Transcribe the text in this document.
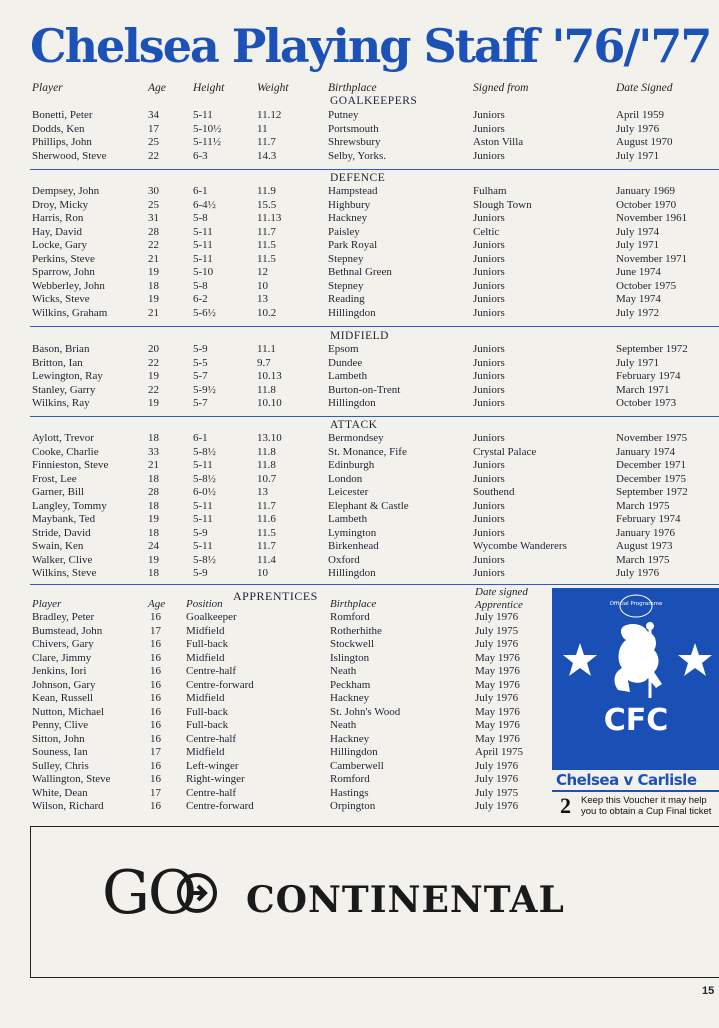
Chelsea Playing Staff '76/'77
Player	Age Height	Weight	Birthplace	Signed from	Date Signed
GOALKEEPERS
Bonetti, Peter	34	5-11	11.12	Putney	Juniors	April 1959
Dodds, Ken	17	5-10½	11	Portsmouth	Juniors	July 1976
Phillips, John	25	5-11½	11.7	Shrewsbury	Aston Villa	August 1970
Sherwood, Steve	22	6-3	14.3	Selby, Yorks.	Juniors	July 1971
DEFENCE
Dempsey, John	30	6-1	11.9	Hampstead	Fulham	January 1969
Droy, Micky	25	6-4½	15.5	Highbury	Slough Town	October 1970
Harris, Ron	31	5-8	11.13	Hackney	Juniors	November 1961
Hay, David	28	5-11	11.7	Paisley	Celtic	July 1974
Locke, Gary	22	5-11	11.5	Park Royal	Juniors	July 1971
Perkins, Steve	21	5-11	11.5	Stepney	Juniors	November 1971
Sparrow, John	19	5-10	12	Bethnal Green	Juniors	June 1974
Webberley, John	18	5-8	10	Stepney	Juniors	October 1975
Wicks, Steve	19	6-2	13	Reading	Juniors	May 1974
Wilkins, Graham	21	5-6½	10.2	Hillingdon	Juniors	July 1972
MIDFIELD
Bason, Brian	20	5-9	11.1	Epsom	Juniors	September 1972
Britton, Ian	22	5-5	9.7	Dundee	Juniors	July 1971
Lewington, Ray	19	5-7	10.13	Lambeth	Juniors	February 1974
Stanley, Garry	22	5-9½	11.8	Burton-on-Trent	Juniors	March 1971
Wilkins, Ray	19	5-7	10.10	Hillingdon	Juniors	October 1973
ATTACK
Aylott, Trevor	18	6-1	13.10	Bermondsey	Juniors	November 1975
Cooke, Charlie	33	5-8½	11.8	St. Monance, Fife	Crystal Palace	January 1974
Finnieston, Steve	21	5-11	11.8	Edinburgh	Juniors	December 1971
Frost, Lee	18	5-8½	10.7	London	Juniors	December 1975
Garner, Bill	28	6-0½	13	Leicester	Southend	September 1972
Langley, Tommy	18	5-11	11.7	Elephant & Castle	Juniors	March 1975
Maybank, Ted	19	5-11	11.6	Lambeth	Juniors	February 1974
Stride, David	18	5-9	11.5	Lymington	Juniors	January 1976
Swain, Ken	24	5-11	11.7	Birkenhead	Wycombe Wanderers	August 1973
Walker, Clive	19	5-8½	11.4	Oxford	Juniors	March 1975
Wilkins, Steve	18	5-9	10	Hillingdon	Juniors	July 1976
APPRENTICES
Player	Age Position	Birthplace
Date signed
Apprentice
Bradley, Peter	16 Goalkeeper	Romford	July 1976
Bumstead, John	17 Midfield	Rotherhithe	July 1975
Chivers, Gary	16 Full-back	Stockwell	July 1976
Clare, Jimmy	16 Midfield	Islington	May 1976
Jenkins, Iori	16 Centre-half	Neath	May 1976
Johnson, Gary	16 Centre-forward	Peckham	May 1976
Kean, Russell	16 Midfield	Hackney	July 1976
Nutton, Michael	16 Full-back	St. John's Wood	May 1976
Penny, Clive	16 Full-back	Neath	May 1976
Sitton, John	16 Centre-half	Hackney	May 1976
Souness, Ian	17 Midfield	Hillingdon	April 1975
Sulley, Chris	16 Left-winger	Camberwell	July 1976
Wallington, Steve	16 Right-winger	Romford	July 1976
White, Dean	17 Centre-half	Hastings	July 1975
Wilson, Richard	16 Centre-forward	Orpington	July 1976
Official Programme
CFC
Chelsea v Carlisle
2 Keep this Voucher it may help
you to obtain a Cup Final ticket
GO CONTINENTAL
15
